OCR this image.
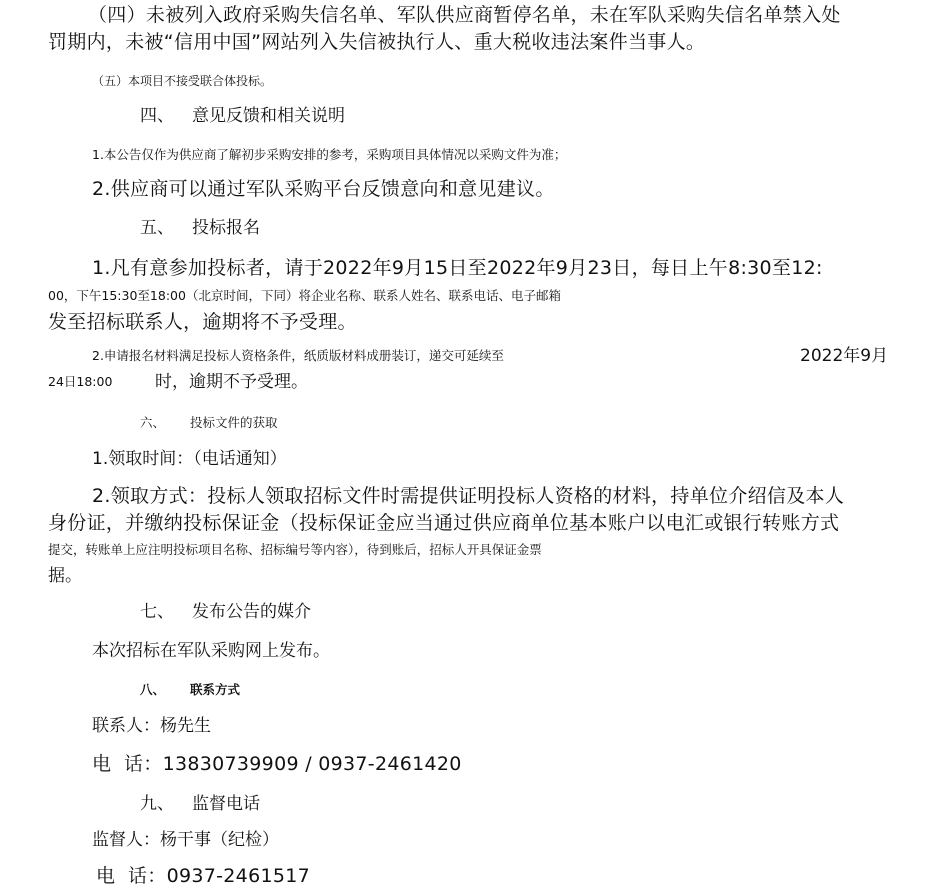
（四）未被列入政府采购失信名单、军队供应商暂停名单，未在军队采购失信名单禁入处
罚期内，未被“信用中国”网站列入失信被执行人、重大税收违法案件当事人。
（五）本项目不接受联合体投标。
四、 意见反馈和相关说明
1.本公告仅作为供应商了解初步采购安排的参考，采购项目具体情况以采购文件为准；
2.供应商可以通过军队采购平台反馈意向和意见建议。
五、 投标报名
1.凡有意参加投标者，请于2022年9月15日至2022年9月23日，每日上午8:30至12:
00，下午15:30至18:00（北京时间，下同）将企业名称、联系人姓名、联系电话、电子邮箱
发至招标联系人，逾期将不予受理。
2.申请报名材料满足投标人资格条件，纸质版材料成册装订，递交可延续至	2022年9月
24日18:00	时，逾期不予受理。
六、 投标文件的获取
1.领取时间：（电话通知）
2.领取方式：投标人领取招标文件时需提供证明投标人资格的材料，持单位介绍信及本人
身份证，并缴纳投标保证金（投标保证金应当通过供应商单位基本账户以电汇或银行转账方式
提交，转账单上应注明投标项目名称、招标编号等内容），待到账后，招标人开具保证金票
据。
七、 发布公告的媒介
本次招标在军队采购网上发布。
八、 联系方式
联系人：杨先生
电  话：13830739909 / 0937-2461420
九、 监督电话
监督人：杨干事（纪检）
电  话：0937-2461517
